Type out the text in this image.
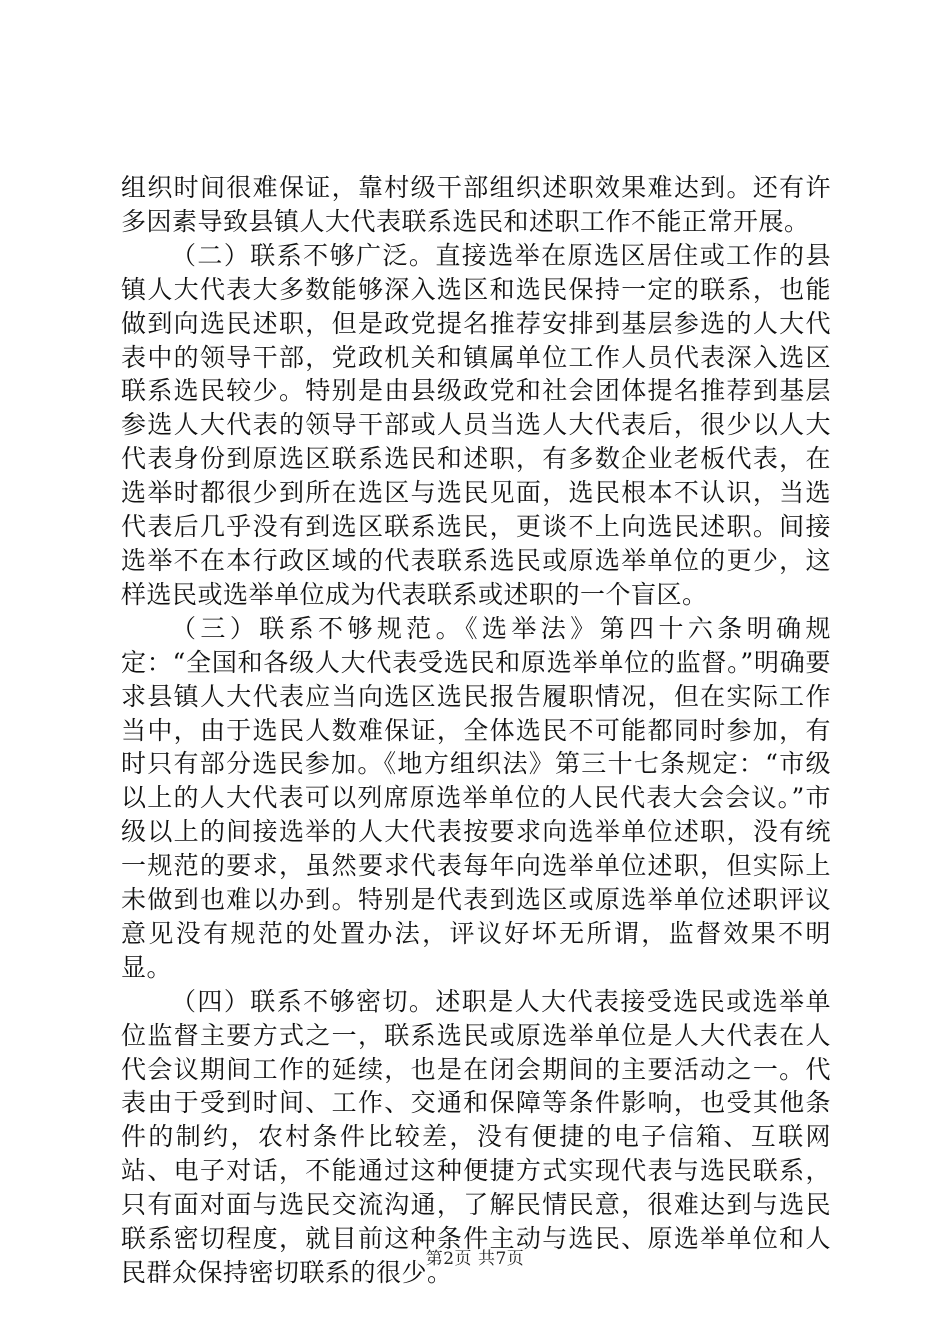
组织时间很难保证，靠村级干部组织述职效果难达到。还有许多因素导致县镇人大代表联系选民和述职工作不能正常开展。

（二）联系不够广泛。直接选举在原选区居住或工作的县镇人大代表大多数能够深入选区和选民保持一定的联系，也能做到向选民述职，但是政党提名推荐安排到基层参选的人大代表中的领导干部，党政机关和镇属单位工作人员代表深入选区联系选民较少。特别是由县级政党和社会团体提名推荐到基层参选人大代表的领导干部或人员当选人大代表后，很少以人大代表身份到原选区联系选民和述职，有多数企业老板代表，在选举时都很少到所在选区与选民见面，选民根本不认识，当选代表后几乎没有到选区联系选民，更谈不上向选民述职。间接选举不在本行政区域的代表联系选民或原选举单位的更少，这样选民或选举单位成为代表联系或述职的一个盲区。

（三）联系不够规范。《选举法》第四十六条明确规定：“全国和各级人大代表受选民和原选举单位的监督。”明确要求县镇人大代表应当向选区选民报告履职情况，但在实际工作当中，由于选民人数难保证，全体选民不可能都同时参加，有时只有部分选民参加。《地方组织法》第三十七条规定：“市级以上的人大代表可以列席原选举单位的人民代表大会会议。”市级以上的间接选举的人大代表按要求向选举单位述职，没有统一规范的要求，虽然要求代表每年向选举单位述职，但实际上未做到也难以办到。特别是代表到选区或原选举单位述职评议意见没有规范的处置办法，评议好坏无所谓，监督效果不明显。

（四）联系不够密切。述职是人大代表接受选民或选举单位监督主要方式之一，联系选民或原选举单位是人大代表在人代会议期间工作的延续，也是在闭会期间的主要活动之一。代表由于受到时间、工作、交通和保障等条件影响，也受其他条件的制约，农村条件比较差，没有便捷的电子信箱、互联网站、电子对话，不能通过这种便捷方式实现代表与选民联系，只有面对面与选民交流沟通，了解民情民意，很难达到与选民联系密切程度，就目前这种条件主动与选民、原选举单位和人民群众保持密切联系的很少。

第2页 共7页
